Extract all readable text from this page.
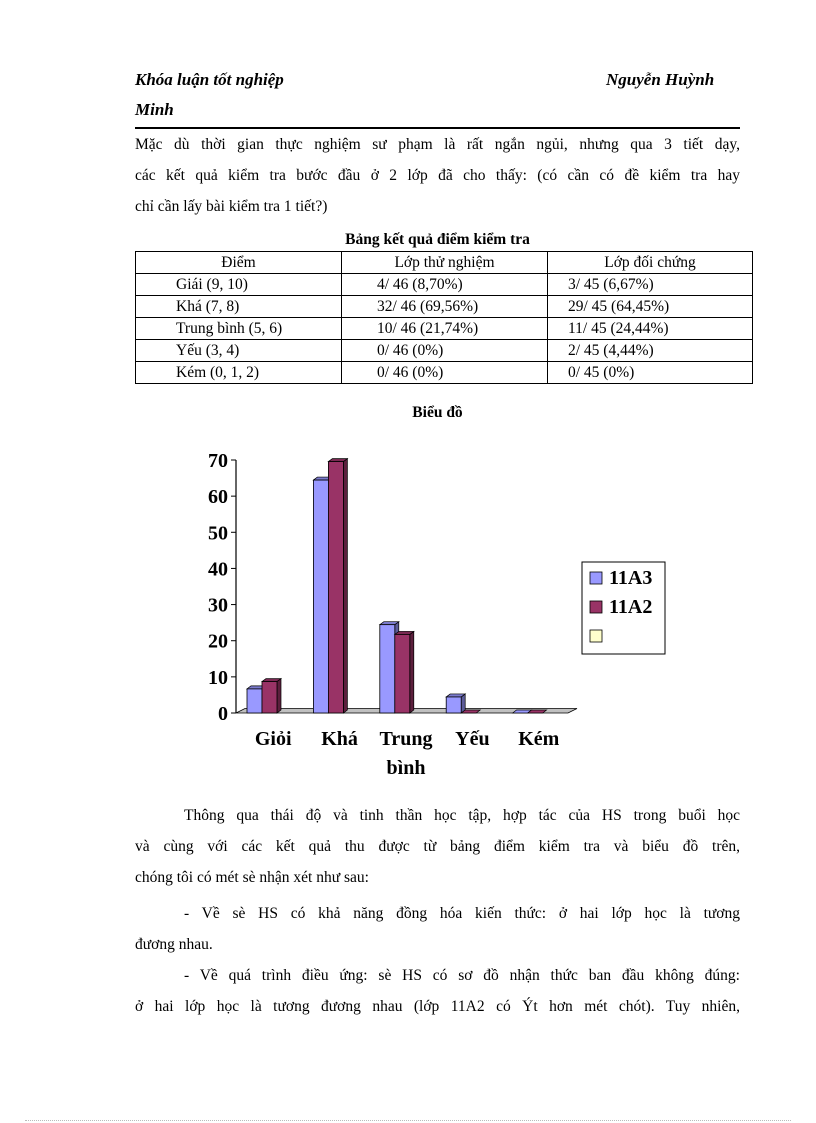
Khóa luận tốt nghiệp	Nguyễn Huỳnh
Minh
Mặc dù thời gian thực nghiệm sư phạm là rất ngắn ngủi, nhưng qua 3 tiết dạy,
các kết quả kiểm tra bước đầu ở 2 lớp đã cho thấy: (có cần có đề kiểm tra hay
chỉ cần lấy bài kiểm tra 1 tiết?)
Bảng kết quả điểm kiểm tra
Điểm	Lớp thử nghiệm	Lớp đối chứng
Giái (9, 10)	4/ 46 (8,70%)	3/ 45 (6,67%)
Khá (7, 8)	32/ 46 (69,56%)	29/ 45 (64,45%)
Trung bình (5, 6)	10/ 46 (21,74%)	11/ 45 (24,44%)
Yếu (3, 4)	0/ 46 (0%)	2/ 45 (4,44%)
Kém (0, 1, 2)	0/ 46 (0%)	0/ 45 (0%)
Biểu đồ
0
10
20
30
40
50
60
70
Giỏi Khá Trung bình
Yếu Kém
11A3
11A2
Thông qua thái độ và tinh thần học tập, hợp tác của HS trong buổi học
và cùng với các kết quả thu được từ bảng điểm kiểm tra và biểu đồ trên,
chóng tôi có mét sè nhận xét như sau:
- Về sè HS có khả năng đồng hóa kiến thức: ở hai lớp học là tương
đương nhau.
- Về quá trình điều ứng: sè HS có sơ đồ nhận thức ban đầu không đúng:
ở hai lớp học là tương đương nhau (lớp 11A2 có Ýt hơn mét chót). Tuy nhiên,
